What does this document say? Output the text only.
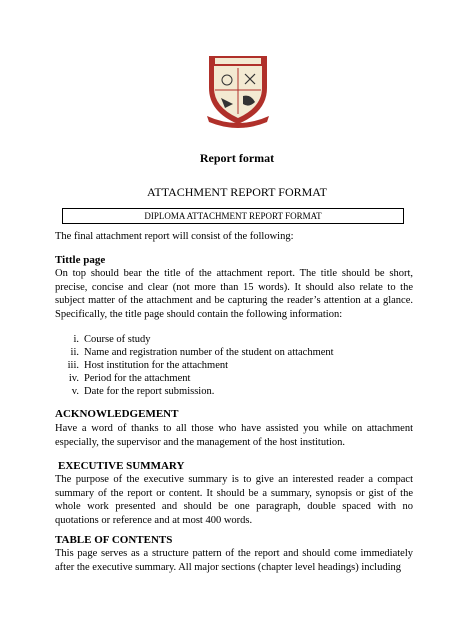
Report format
ATTACHMENT REPORT FORMAT
DIPLOMA ATTACHMENT REPORT FORMAT
The final attachment report will consist of the following:
Tittle page
On top should bear the title of the attachment report. The title should be short, precise, concise and clear (not more than 15 words). It should also relate to the subject matter of the attachment and be capturing the reader’s attention at a glance. Specifically, the title page should contain the following information:
i. Course of study
ii. Name and registration number of the student on attachment
iii. Host institution for the attachment
iv. Period for the attachment
v. Date for the report submission.
ACKNOWLEDGEMENT
Have a word of thanks to all those who have assisted you while on attachment especially, the supervisor and the management of the host institution.
EXECUTIVE SUMMARY
The purpose of the executive summary is to give an interested reader a compact summary of the report or content. It should be a summary, synopsis or gist of the whole work presented and should be one paragraph, double spaced with no quotations or reference and at most 400 words.
TABLE OF CONTENTS
This page serves as a structure pattern of the report and should come immediately after the executive summary. All major sections (chapter level headings) including
